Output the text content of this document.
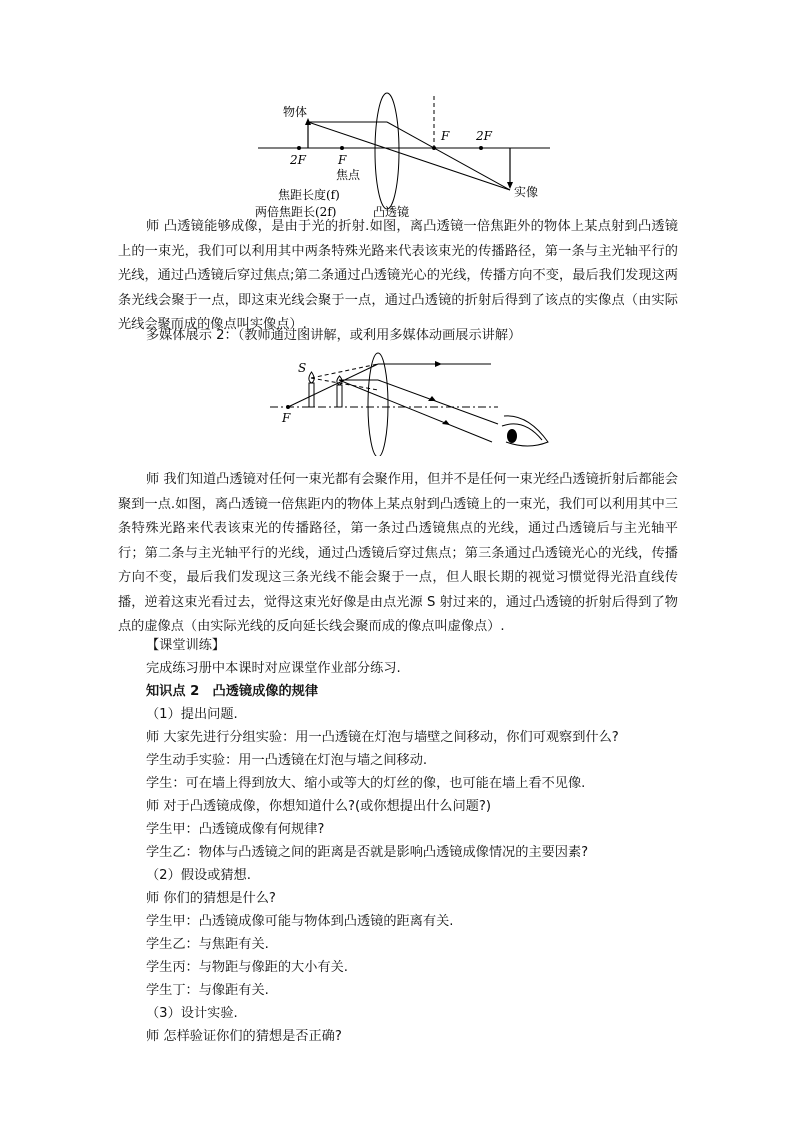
物体
2F	F
焦点
F 2F
实像
焦距长度(f)
两倍焦距长(2f)	凸透镜

师 凸透镜能够成像，是由于光的折射.如图，离凸透镜一倍焦距外的物体上某点射到凸透镜上的一束光，我们可以利用其中两条特殊光路来代表该束光的传播路径，第一条与主光轴平行的光线，通过凸透镜后穿过焦点;第二条通过凸透镜光心的光线，传播方向不变，最后我们发现这两条光线会聚于一点，即这束光线会聚于一点，通过凸透镜的折射后得到了该点的实像点（由实际光线会聚而成的像点叫实像点）.

多媒体展示 2：（教师通过图讲解，或利用多媒体动画展示讲解）

S
F

师 我们知道凸透镜对任何一束光都有会聚作用，但并不是任何一束光经凸透镜折射后都能会聚到一点.如图，离凸透镜一倍焦距内的物体上某点射到凸透镜上的一束光，我们可以利用其中三条特殊光路来代表该束光的传播路径，第一条过凸透镜焦点的光线，通过凸透镜后与主光轴平行；第二条与主光轴平行的光线，通过凸透镜后穿过焦点；第三条通过凸透镜光心的光线，传播方向不变，最后我们发现这三条光线不能会聚于一点，但人眼长期的视觉习惯觉得光沿直线传播，逆着这束光看过去，觉得这束光好像是由点光源 S 射过来的，通过凸透镜的折射后得到了物点的虚像点（由实际光线的反向延长线会聚而成的像点叫虚像点）.

【课堂训练】

完成练习册中本课时对应课堂作业部分练习.

知识点 2　凸透镜成像的规律

（1）提出问题.

师 大家先进行分组实验：用一凸透镜在灯泡与墙壁之间移动，你们可观察到什么?

学生动手实验：用一凸透镜在灯泡与墙之间移动.

学生：可在墙上得到放大、缩小或等大的灯丝的像，也可能在墙上看不见像.

师 对于凸透镜成像，你想知道什么?(或你想提出什么问题?)

学生甲：凸透镜成像有何规律?

学生乙：物体与凸透镜之间的距离是否就是影响凸透镜成像情况的主要因素?

（2）假设或猜想.

师 你们的猜想是什么?

学生甲：凸透镜成像可能与物体到凸透镜的距离有关.

学生乙：与焦距有关.

学生丙：与物距与像距的大小有关.

学生丁：与像距有关.

（3）设计实验.

师 怎样验证你们的猜想是否正确?
